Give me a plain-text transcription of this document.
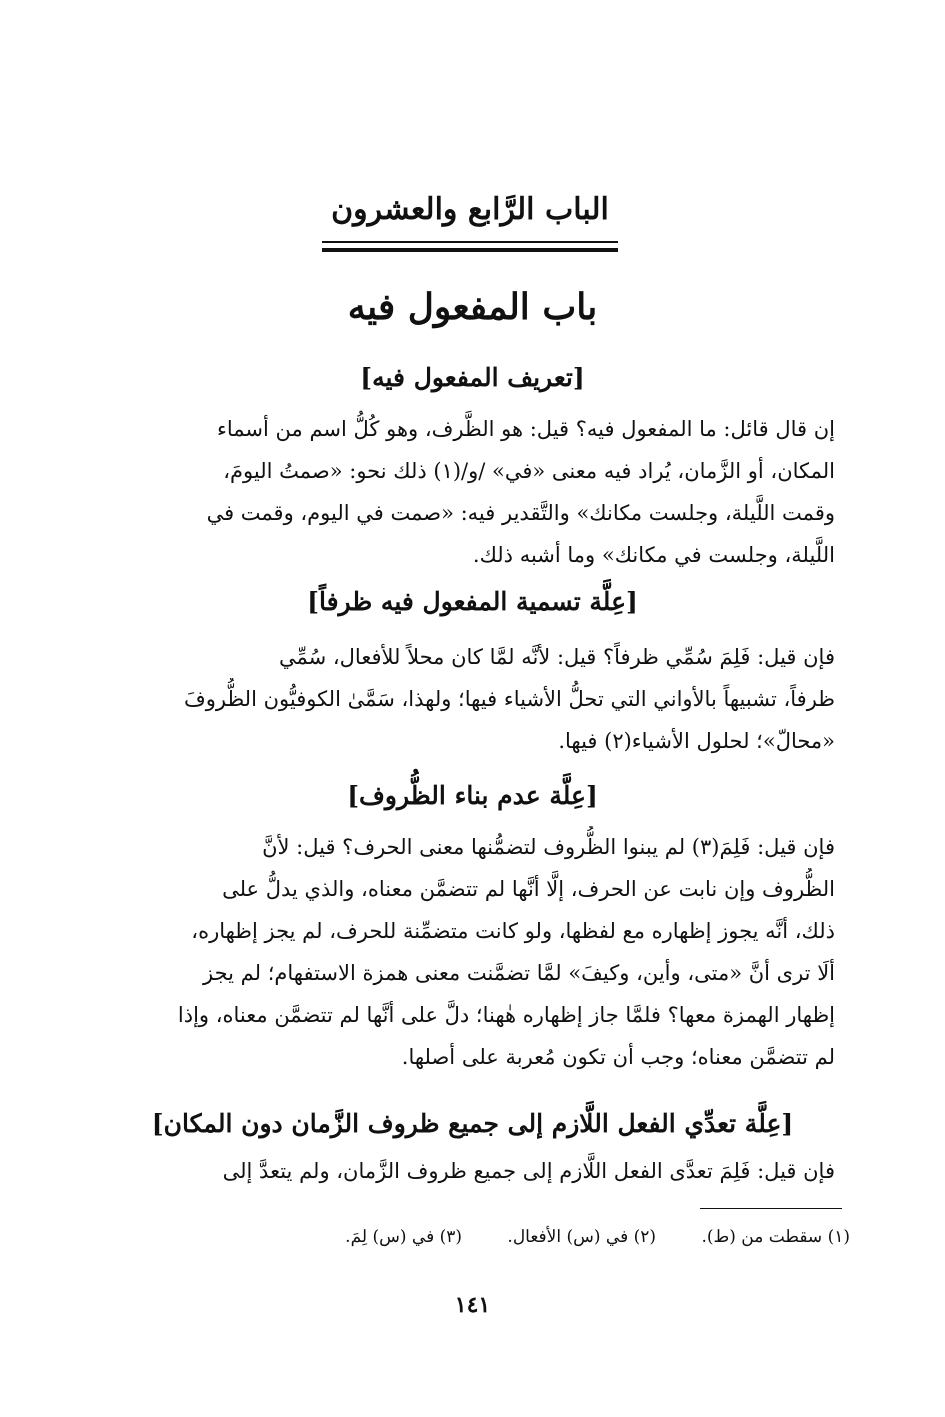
الباب الرَّابع والعشرون
باب المفعول فيه
[تعريف المفعول فيه]
إن قال قائل: ما المفعول فيه؟ قيل: هو الظَّرف، وهو كُلُّ اسم من أسماء
المكان، أو الزَّمان، يُراد فيه معنى «في» /و/(١) ذلك نحو: «صمتُ اليومَ،
وقمت اللَّيلة، وجلست مكانك» والتَّقدير فيه: «صمت في اليوم، وقمت في
اللَّيلة، وجلست في مكانك» وما أشبه ذلك.
[عِلَّة تسمية المفعول فيه ظرفاً]
فإن قيل: فَلِمَ سُمِّي ظرفاً؟ قيل: لأنَّه لمَّا كان محلاً للأفعال، سُمِّي
ظرفاً، تشبيهاً بالأواني التي تحلُّ الأشياء فيها؛ ولهذا، سَمَّىٰ الكوفيُّون الظُّروفَ
«محالّ»؛ لحلول الأشياء(٢) فيها.
[عِلَّة عدم بناء الظُّروف]
فإن قيل: فَلِمَ(٣) لم يبنوا الظُّروف لتضمُّنها معنى الحرف؟ قيل: لأنَّ
الظُّروف وإن نابت عن الحرف، إلَّا أنَّها لم تتضمَّن معناه، والذي يدلُّ على
ذلك، أنَّه يجوز إظهاره مع لفظها، ولو كانت متضمِّنة للحرف، لم يجز إظهاره،
ألَا ترى أنَّ «متى، وأين، وكيفَ» لمَّا تضمَّنت معنى همزة الاستفهام؛ لم يجز
إظهار الهمزة معها؟ فلمَّا جاز إظهاره هٰهنا؛ دلَّ على أنَّها لم تتضمَّن معناه، وإذا
لم تتضمَّن معناه؛ وجب أن تكون مُعربة على أصلها.
[عِلَّة تعدِّي الفعل اللَّازم إلى جميع ظروف الزَّمان دون المكان]
فإن قيل: فَلِمَ تعدَّى الفعل اللَّازم إلى جميع ظروف الزَّمان، ولم يتعدَّ إلى
(١) سقطت من (ط). (٢) في (س) الأفعال. (٣) في (س) لِمَ.
١٤١
